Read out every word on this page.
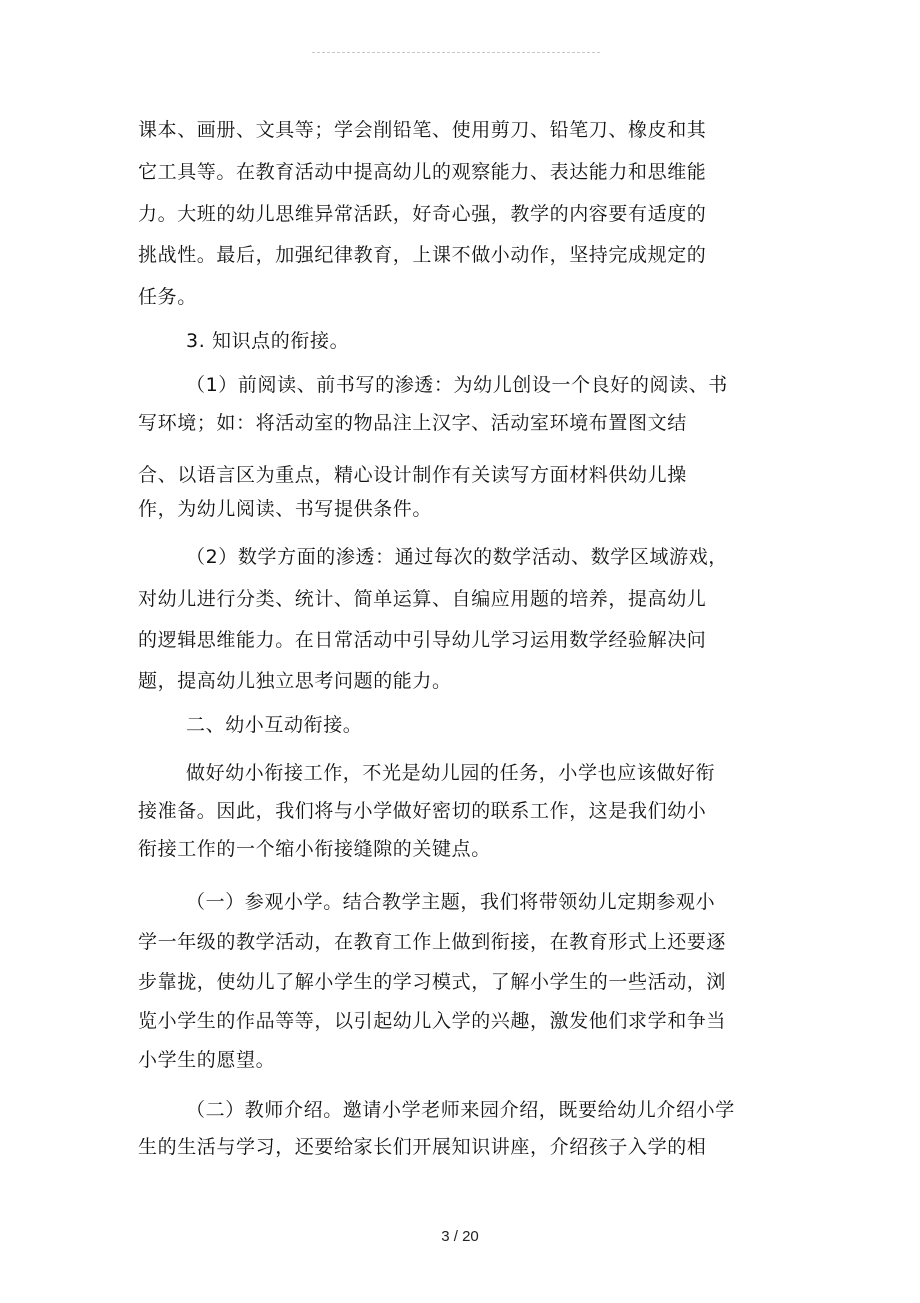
课本、画册、文具等；学会削铅笔、使用剪刀、铅笔刀、橡皮和其
它工具等。在教育活动中提高幼儿的观察能力、表达能力和思维能
力。大班的幼儿思维异常活跃，好奇心强，教学的内容要有适度的
挑战性。最后，加强纪律教育，上课不做小动作，坚持完成规定的
任务。
3. 知识点的衔接。
（1）前阅读、前书写的渗透：为幼儿创设一个良好的阅读、书
写环境；如：将活动室的物品注上汉字、活动室环境布置图文结
合、以语言区为重点，精心设计制作有关读写方面材料供幼儿操
作，为幼儿阅读、书写提供条件。
（2）数学方面的渗透：通过每次的数学活动、数学区域游戏，
对幼儿进行分类、统计、简单运算、自编应用题的培养，提高幼儿
的逻辑思维能力。在日常活动中引导幼儿学习运用数学经验解决问
题，提高幼儿独立思考问题的能力。
二、幼小互动衔接。
做好幼小衔接工作，不光是幼儿园的任务，小学也应该做好衔
接准备。因此，我们将与小学做好密切的联系工作，这是我们幼小
衔接工作的一个缩小衔接缝隙的关键点。
（一）参观小学。结合教学主题，我们将带领幼儿定期参观小
学一年级的教学活动，在教育工作上做到衔接，在教育形式上还要逐
步靠拢，使幼儿了解小学生的学习模式，了解小学生的一些活动，浏
览小学生的作品等等，以引起幼儿入学的兴趣，激发他们求学和争当
小学生的愿望。
（二）教师介绍。邀请小学老师来园介绍，既要给幼儿介绍小学
生的生活与学习，还要给家长们开展知识讲座，介绍孩子入学的相
3 / 20
